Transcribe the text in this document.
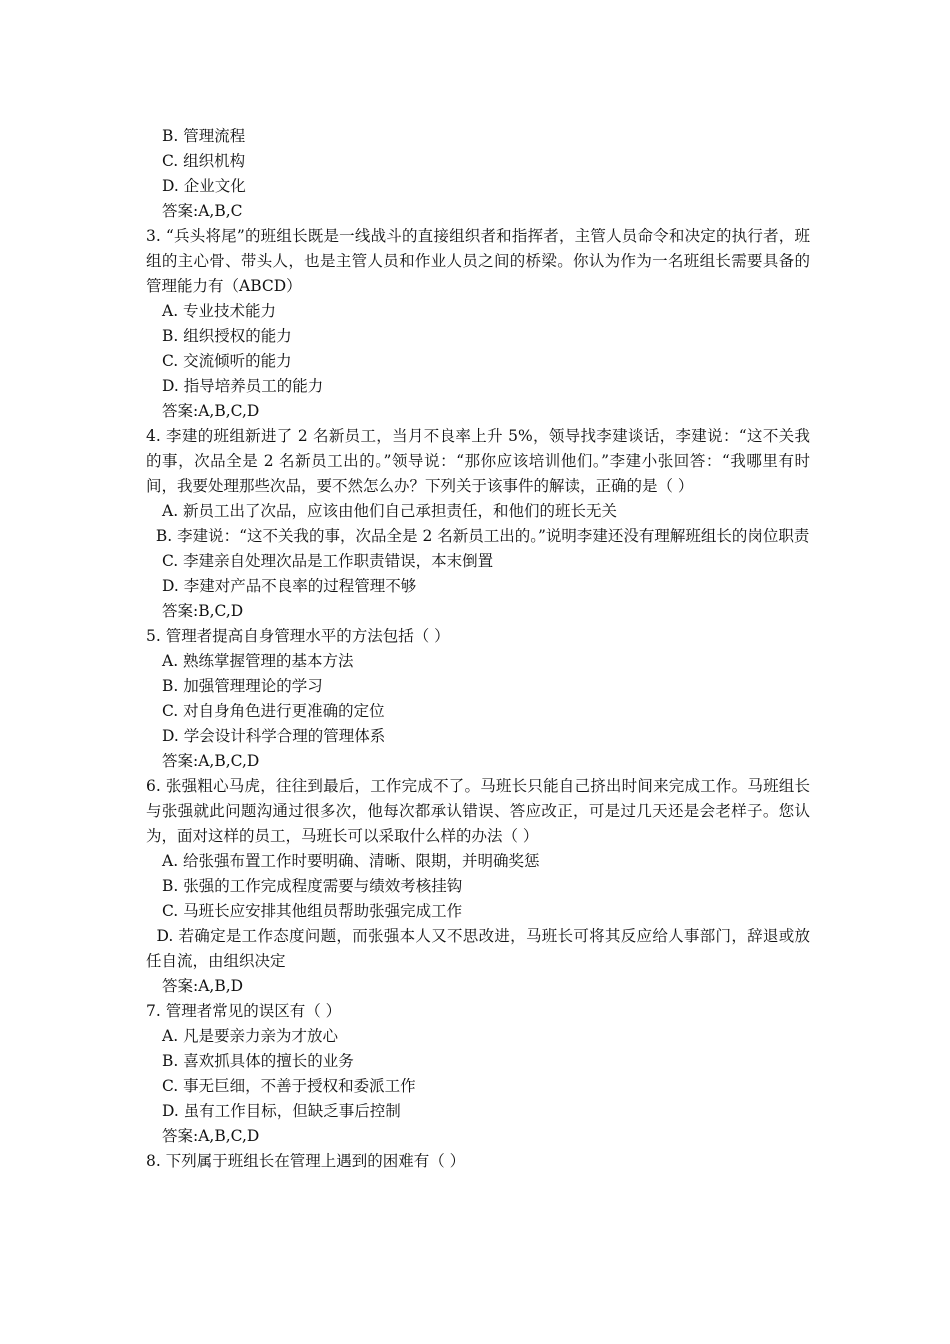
B. 管理流程
C. 组织机构
D. 企业文化
答案:A,B,C
3. “兵头将尾”的班组长既是一线战斗的直接组织者和指挥者，主管人员命令和决定的执行者，班组的主心骨、带头人，也是主管人员和作业人员之间的桥梁。你认为作为一名班组长需要具备的管理能力有（ABCD）
A. 专业技术能力
B. 组织授权的能力
C. 交流倾听的能力
D. 指导培养员工的能力
答案:A,B,C,D
4. 李建的班组新进了 2 名新员工，当月不良率上升 5%，领导找李建谈话，李建说：“这不关我的事，次品全是 2 名新员工出的。”领导说：“那你应该培训他们。”李建小张回答：“我哪里有时间，我要处理那些次品，要不然怎么办？下列关于该事件的解读，正确的是（ ）
A. 新员工出了次品，应该由他们自己承担责任，和他们的班长无关
B. 李建说：“这不关我的事，次品全是 2 名新员工出的。”说明李建还没有理解班组长的岗位职责
C. 李建亲自处理次品是工作职责错误，本末倒置
D. 李建对产品不良率的过程管理不够
答案:B,C,D
5. 管理者提高自身管理水平的方法包括（ ）
A. 熟练掌握管理的基本方法
B. 加强管理理论的学习
C. 对自身角色进行更准确的定位
D. 学会设计科学合理的管理体系
答案:A,B,C,D
6. 张强粗心马虎，往往到最后，工作完成不了。马班长只能自己挤出时间来完成工作。马班组长与张强就此问题沟通过很多次，他每次都承认错误、答应改正，可是过几天还是会老样子。您认为，面对这样的员工，马班长可以采取什么样的办法（ ）
A. 给张强布置工作时要明确、清晰、限期，并明确奖惩
B. 张强的工作完成程度需要与绩效考核挂钩
C. 马班长应安排其他组员帮助张强完成工作
D. 若确定是工作态度问题，而张强本人又不思改进，马班长可将其反应给人事部门，辞退或放任自流，由组织决定
答案:A,B,D
7. 管理者常见的误区有（ ）
A. 凡是要亲力亲为才放心
B. 喜欢抓具体的擅长的业务
C. 事无巨细，不善于授权和委派工作
D. 虽有工作目标，但缺乏事后控制
答案:A,B,C,D
8. 下列属于班组长在管理上遇到的困难有（ ）
